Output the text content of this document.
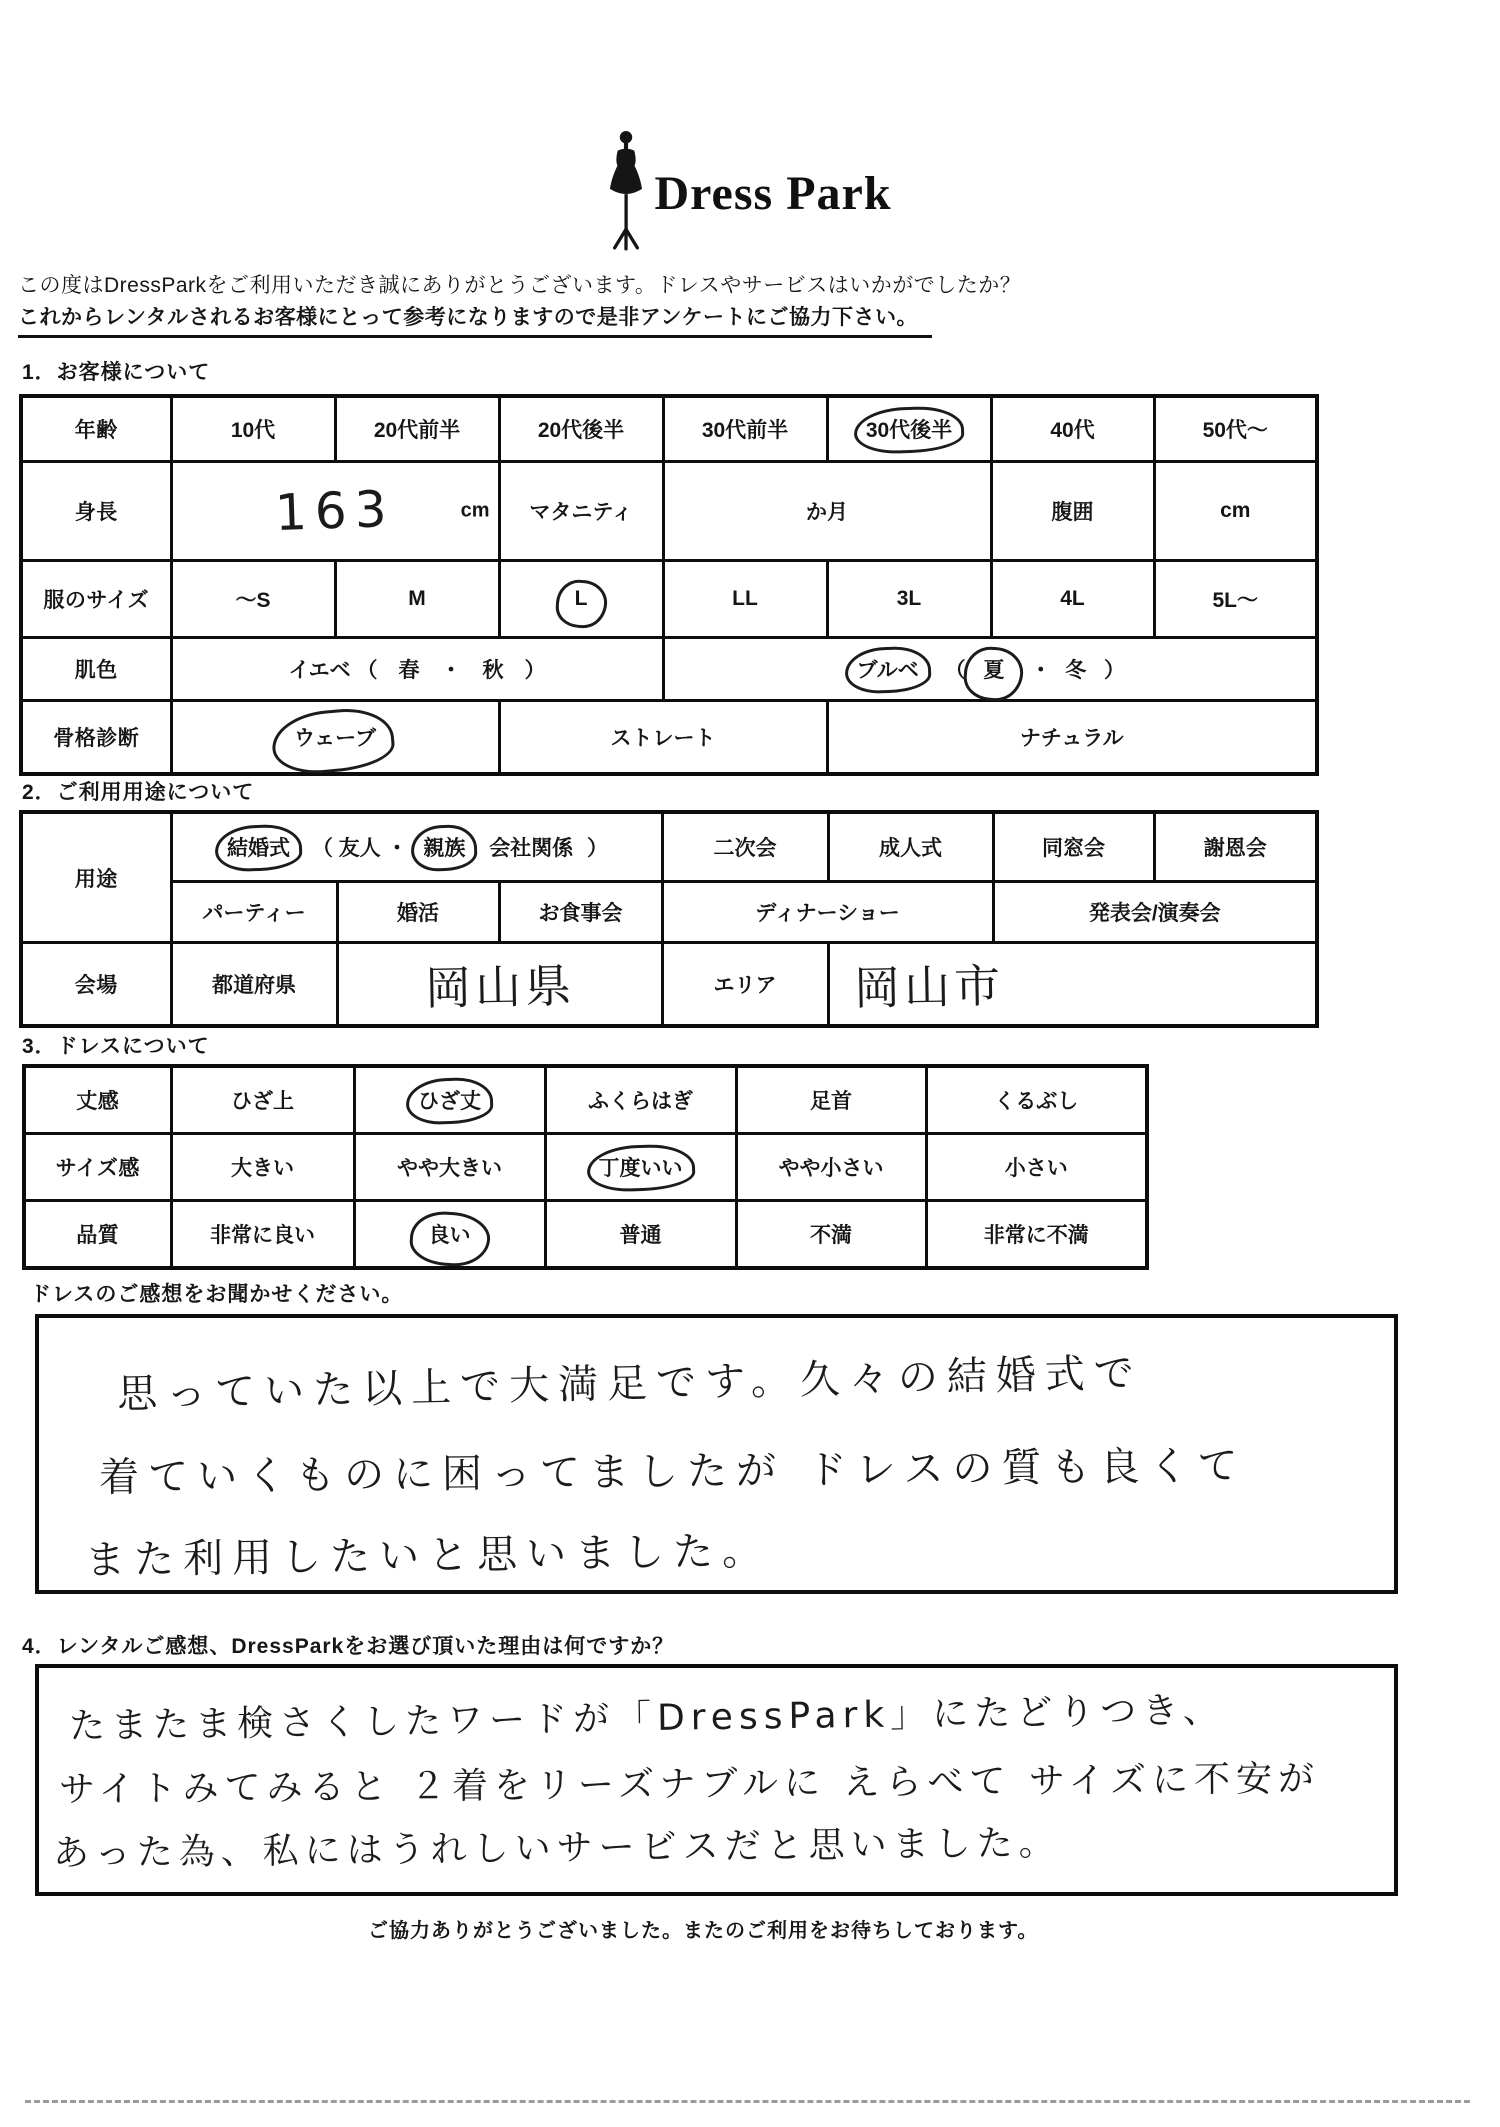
Dress Park
この度はDressParkをご利用いただき誠にありがとうございます。ドレスやサービスはいかがでしたか？
これからレンタルされるお客様にとって参考になりますので是非アンケートにご協力下さい。
1．お客様について
年齢	10代	20代前半	20代後半	30代前半	30代後半	40代	50代～
身長	163 cm		マタニティ	か月		腹囲	cm
服のサイズ	～S	M	L	LL	3L	4L	5L～
肌色	イエベ （　春　・　秋　）			ブルベ （ 夏 ・ 冬 ）			
骨格診断	ウェーブ		ストレート		ナチュラル		
2．ご利用用途について
用途	結婚式 （ 友人 ・ 親族 会社関係 ）			二次会	成人式	同窓会	謝恩会
	パーティー	婚活	お食事会	ディナーショー		発表会/演奏会	
会場	都道府県	岡山県		エリア	岡山市		
3．ドレスについて
丈感	ひざ上	ひざ丈	ふくらはぎ	足首	くるぶし
サイズ感	大きい	やや大きい	丁度いい	やや小さい	小さい
品質	非常に良い	良い	普通	不満	非常に不満
ドレスのご感想をお聞かせください。
思っていた以上で大満足です。久々の結婚式で
着ていくものに困ってましたが ドレスの質も良くて
また利用したいと思いました。
4．レンタルご感想、DressParkをお選び頂いた理由は何ですか？
たまたま検さくしたワードが「DressPark」にたどりつき、
サイトみてみると ２着をリーズナブルに えらべて サイズに不安が
あった為、私にはうれしいサービスだと思いました。
ご協力ありがとうございました。またのご利用をお待ちしております。
